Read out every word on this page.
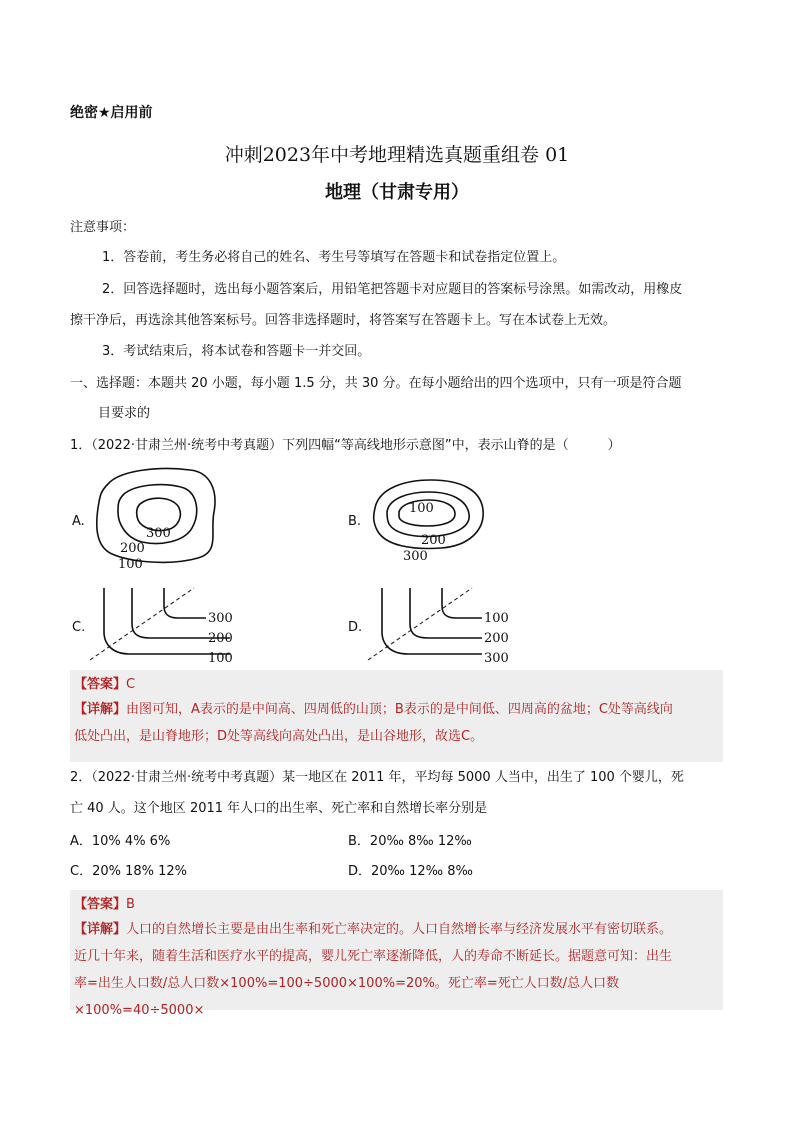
绝密★启用前
冲刺2023年中考地理精选真题重组卷 01
地理（甘肃专用）
注意事项：
1．答卷前，考生务必将自己的姓名、考生号等填写在答题卡和试卷指定位置上。
2．回答选择题时，选出每小题答案后，用铅笔把答题卡对应题目的答案标号涂黑。如需改动，用橡皮
擦干净后，再选涂其他答案标号。回答非选择题时，将答案写在答题卡上。写在本试卷上无效。
3．考试结束后，将本试卷和答题卡一并交回。
一、选择题：本题共 20 小题，每小题 1.5 分，共 30 分。在每小题给出的四个选项中，只有一项是符合题
目要求的
1．（2022·甘肃兰州·统考中考真题）下列四幅“等高线地形示意图”中，表示山脊的是（　　　）
A.	B.
C.	D.
300
200
100
100
200
300
300
200
100
100
200
300
【答案】C
【详解】由图可知，A表示的是中间高、四周低的山顶；B表示的是中间低、四周高的盆地；C处等高线向
低处凸出，是山脊地形；D处等高线向高处凸出，是山谷地形，故选C。
2．（2022·甘肃兰州·统考中考真题）某一地区在 2011 年，平均每 5000 人当中，出生了 100 个婴儿，死
亡 40 人。这个地区 2011 年人口的出生率、死亡率和自然增长率分别是
A．10% 4% 6%	B．20‰ 8‰ 12‰
C．20% 18% 12%	D．20‰ 12‰ 8‰
【答案】B
【详解】人口的自然增长主要是由出生率和死亡率决定的。人口自然增长率与经济发展水平有密切联系。
近几十年来，随着生活和医疗水平的提高，婴儿死亡率逐渐降低，人的寿命不断延长。据题意可知：出生
率=出生人口数/总人口数×100%=100÷5000×100%=20%。死亡率=死亡人口数/总人口数×100%=40÷5000×
